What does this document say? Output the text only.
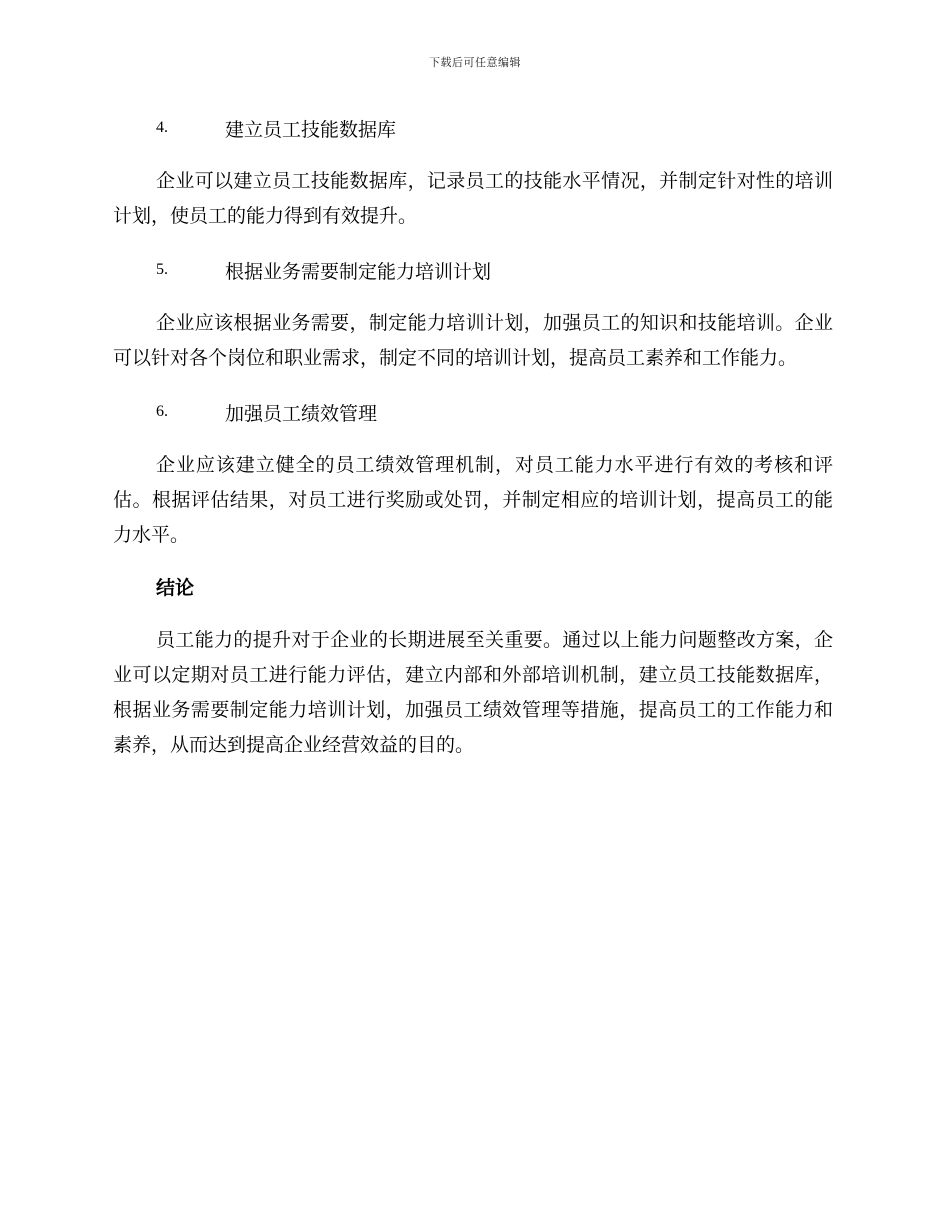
下载后可任意编辑
4.	建立员工技能数据库

企业可以建立员工技能数据库，记录员工的技能水平情况，并制定针对性的培训计划，使员工的能力得到有效提升。

5.	根据业务需要制定能力培训计划

企业应该根据业务需要，制定能力培训计划，加强员工的知识和技能培训。企业可以针对各个岗位和职业需求，制定不同的培训计划，提高员工素养和工作能力。

6.	加强员工绩效管理

企业应该建立健全的员工绩效管理机制，对员工能力水平进行有效的考核和评估。根据评估结果，对员工进行奖励或处罚，并制定相应的培训计划，提高员工的能力水平。

结论

员工能力的提升对于企业的长期进展至关重要。通过以上能力问题整改方案，企业可以定期对员工进行能力评估，建立内部和外部培训机制，建立员工技能数据库，根据业务需要制定能力培训计划，加强员工绩效管理等措施，提高员工的工作能力和素养，从而达到提高企业经营效益的目的。
